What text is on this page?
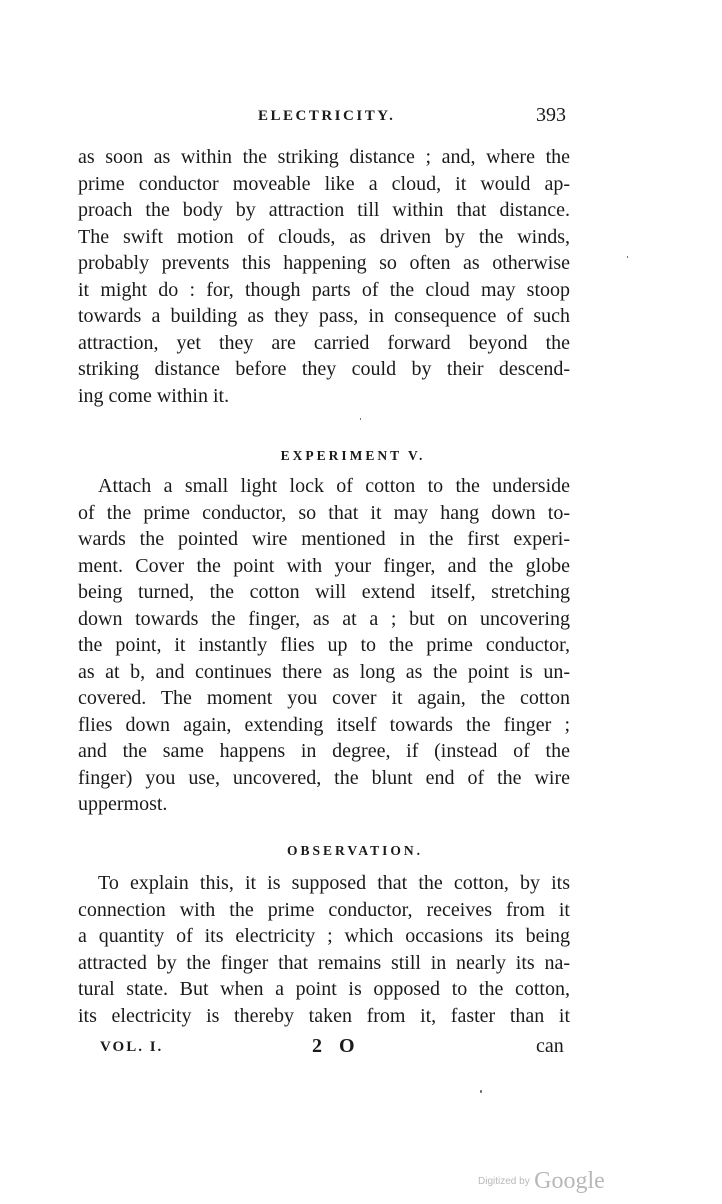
ELECTRICITY.	393
as soon as within the striking distance ; and, where the
prime conductor moveable like a cloud, it would ap-
proach the body by attraction till within that distance.
The swift motion of clouds, as driven by the winds,
probably prevents this happening so often as otherwise
it might do : for, though parts of the cloud may stoop
towards a building as they pass, in consequence of such
attraction, yet they are carried forward beyond the
striking distance before they could by their descend-
ing come within it.
EXPERIMENT V.
Attach a small light lock of cotton to the underside
of the prime conductor, so that it may hang down to-
wards the pointed wire mentioned in the first experi-
ment. Cover the point with your finger, and the globe
being turned, the cotton will extend itself, stretching
down towards the finger, as at a ; but on uncovering
the point, it instantly flies up to the prime conductor,
as at b, and continues there as long as the point is un-
covered. The moment you cover it again, the cotton
flies down again, extending itself towards the finger ;
and the same happens in degree, if (instead of the
finger) you use, uncovered, the blunt end of the wire
uppermost.
OBSERVATION.
To explain this, it is supposed that the cotton, by its
connection with the prime conductor, receives from it
a quantity of its electricity ; which occasions its being
attracted by the finger that remains still in nearly its na-
tural state. But when a point is opposed to the cotton,
its electricity is thereby taken from it, faster than it
VOL. I.	2 O	can
Digitized by Google
